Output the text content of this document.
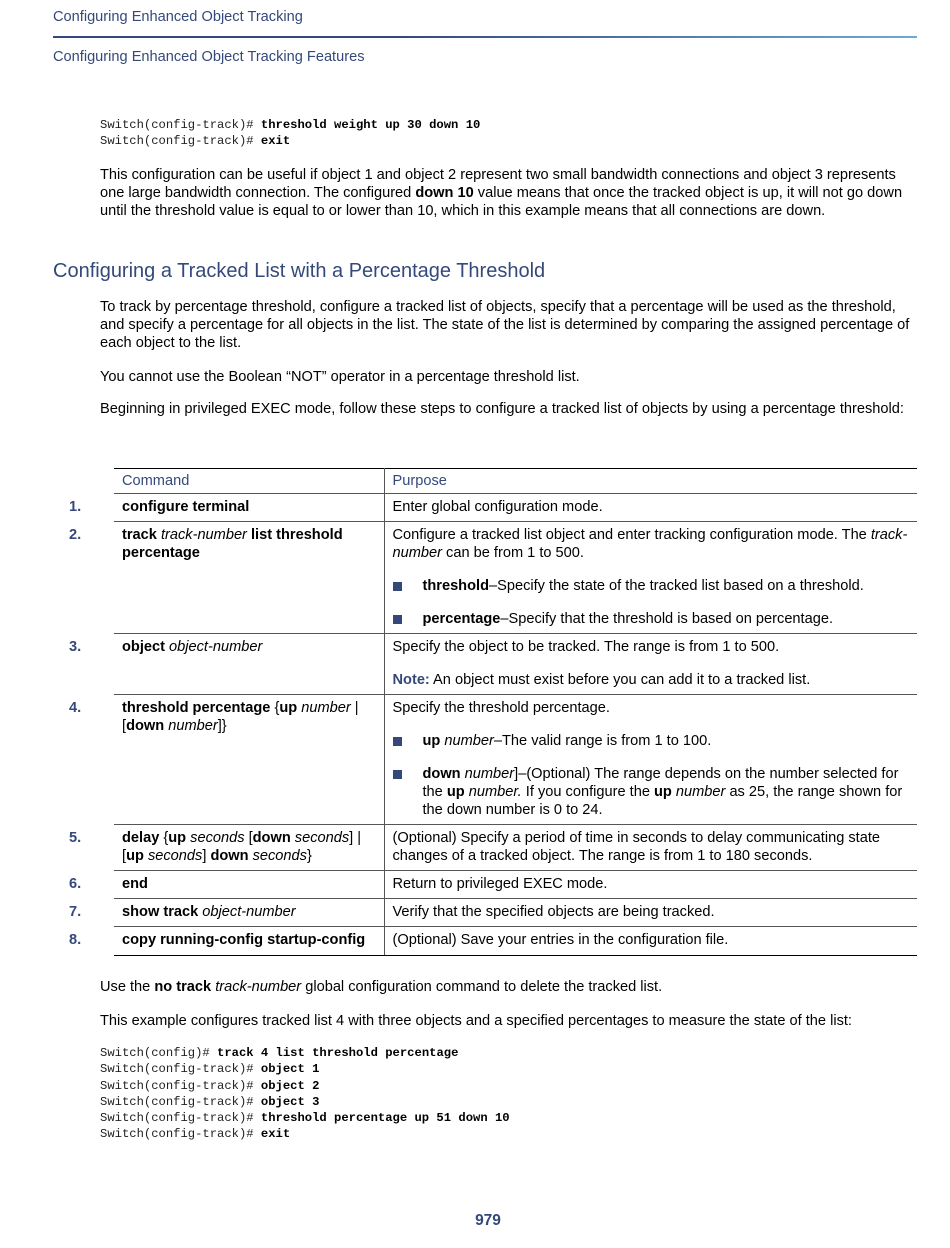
Configuring Enhanced Object Tracking
Configuring Enhanced Object Tracking Features
Switch(config-track)# threshold weight up 30 down 10
Switch(config-track)# exit
This configuration can be useful if object 1 and object 2 represent two small bandwidth connections and object 3 represents one large bandwidth connection. The configured down 10 value means that once the tracked object is up, it will not go down until the threshold value is equal to or lower than 10, which in this example means that all connections are down.
Configuring a Tracked List with a Percentage Threshold
To track by percentage threshold, configure a tracked list of objects, specify that a percentage will be used as the threshold, and specify a percentage for all objects in the list. The state of the list is determined by comparing the assigned percentage of each object to the list.
You cannot use the Boolean “NOT” operator in a percentage threshold list.
Beginning in privileged EXEC mode, follow these steps to configure a tracked list of objects by using a percentage threshold:
	Command	Purpose
1.	configure terminal	Enter global configuration mode.
2.	track track-number list threshold percentage	Configure a tracked list object and enter tracking configuration mode. The track-number can be from 1 to 500.
threshold–Specify the state of the tracked list based on a threshold.
percentage–Specify that the threshold is based on percentage.

3.	object object-number	Specify the object to be tracked. The range is from 1 to 500.
Note: An object must exist before you can add it to a tracked list.

4.	threshold percentage {up number | [down number]}	Specify the threshold percentage.
up number–The valid range is from 1 to 100.
down number]–(Optional) The range depends on the number selected for the up number. If you configure the up number as 25, the range shown for the down number is 0 to 24.

5.	delay {up seconds [down seconds] | [up seconds] down seconds}	(Optional) Specify a period of time in seconds to delay communicating state changes of a tracked object. The range is from 1 to 180 seconds.
6.	end	Return to privileged EXEC mode.
7.	show track object-number	Verify that the specified objects are being tracked.
8.	copy running-config startup-config	(Optional) Save your entries in the configuration file.
Use the no track track-number global configuration command to delete the tracked list.
This example configures tracked list 4 with three objects and a specified percentages to measure the state of the list:
Switch(config)# track 4 list threshold percentage
Switch(config-track)# object 1
Switch(config-track)# object 2
Switch(config-track)# object 3
Switch(config-track)# threshold percentage up 51 down 10
Switch(config-track)# exit
979
